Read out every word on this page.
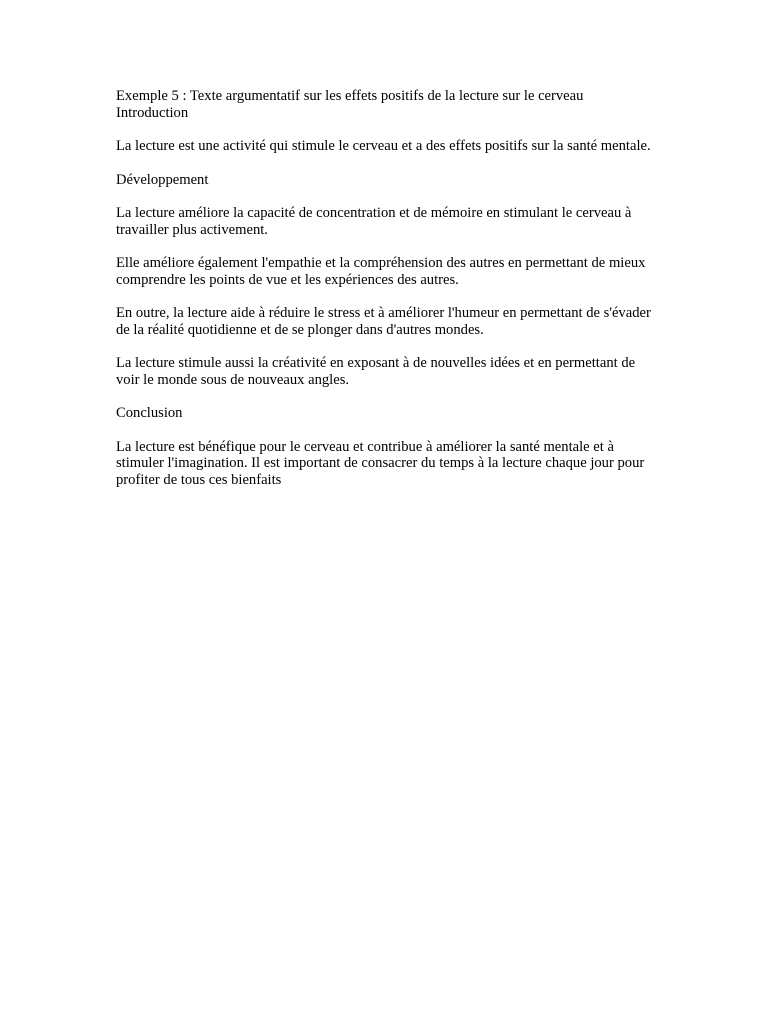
Exemple 5 : Texte argumentatif sur les effets positifs de la lecture sur le cerveau
Introduction

La lecture est une activité qui stimule le cerveau et a des effets positifs sur la santé mentale.

Développement

La lecture améliore la capacité de concentration et de mémoire en stimulant le cerveau à travailler plus activement.

Elle améliore également l'empathie et la compréhension des autres en permettant de mieux comprendre les points de vue et les expériences des autres.

En outre, la lecture aide à réduire le stress et à améliorer l'humeur en permettant de s'évader de la réalité quotidienne et de se plonger dans d'autres mondes.

La lecture stimule aussi la créativité en exposant à de nouvelles idées et en permettant de voir le monde sous de nouveaux angles.

Conclusion

La lecture est bénéfique pour le cerveau et contribue à améliorer la santé mentale et à stimuler l'imagination. Il est important de consacrer du temps à la lecture chaque jour pour profiter de tous ces bienfaits
